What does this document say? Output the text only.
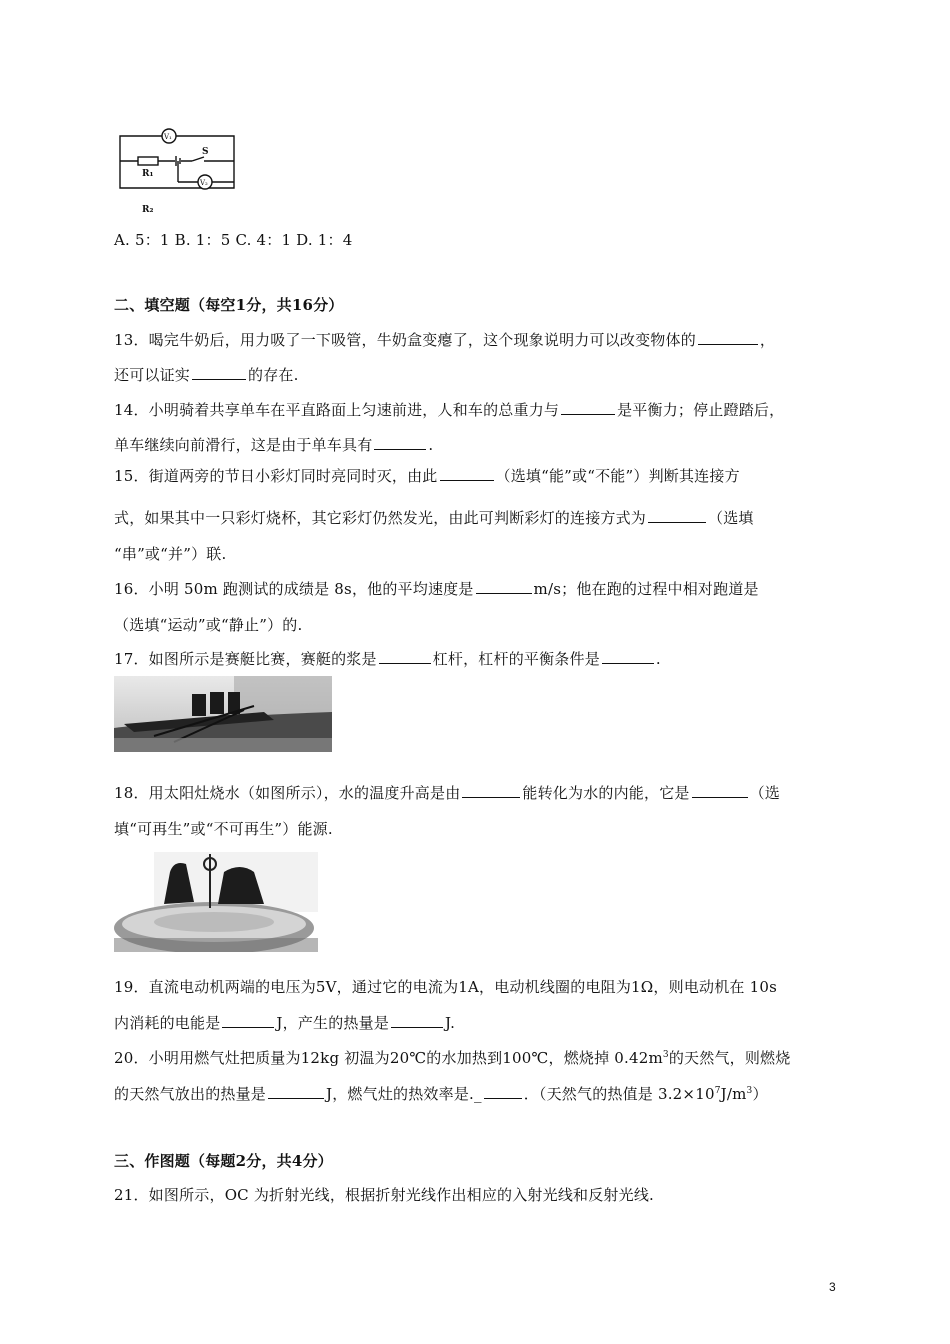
V₁
V₂
S
R₁
R₂
A. 5：1 B. 1：5 C. 4：1 D. 1：4
二、填空题（每空1分，共16分）
13．喝完牛奶后，用力吸了一下吸管，牛奶盒变瘪了，这个现象说明力可以改变物体的	，
还可以证实	的存在.
14．小明骑着共享单车在平直路面上匀速前进，人和车的总重力与	是平衡力；停止蹬踏后，
单车继续向前滑行，这是由于单车具有	.
15．街道两旁的节日小彩灯同时亮同时灭，由此	（选填“能”或“不能”）判断其连接方
式，如果其中一只彩灯烧杯，其它彩灯仍然发光，由此可判断彩灯的连接方式为	（选填
“串”或“并”）联.
16．小明 50m 跑测试的成绩是 8s，他的平均速度是	m/s；他在跑的过程中相对跑道是
（选填“运动”或“静止”）的.
17．如图所示是赛艇比赛，赛艇的浆是	杠杆，杠杆的平衡条件是	.
18．用太阳灶烧水（如图所示），水的温度升高是由	能转化为水的内能，它是	（选
填“可再生”或“不可再生”）能源.
19．直流电动机两端的电压为5V，通过它的电流为1A，电动机线圈的电阻为1Ω，则电动机在 10s
内消耗的电能是	J，产生的热量是	J.
20．小明用燃气灶把质量为12kg 初温为20℃的水加热到100℃，燃烧掉 $0.42m^3$的天然气，则燃烧
的天然气放出的热量是	J，燃气灶的热效率是._	．（天然气的热值是 $3.2\times 10^7J/m^3$）
三、作图题（每题2分，共4分）
21．如图所示，OC 为折射光线，根据折射光线作出相应的入射光线和反射光线.
3
